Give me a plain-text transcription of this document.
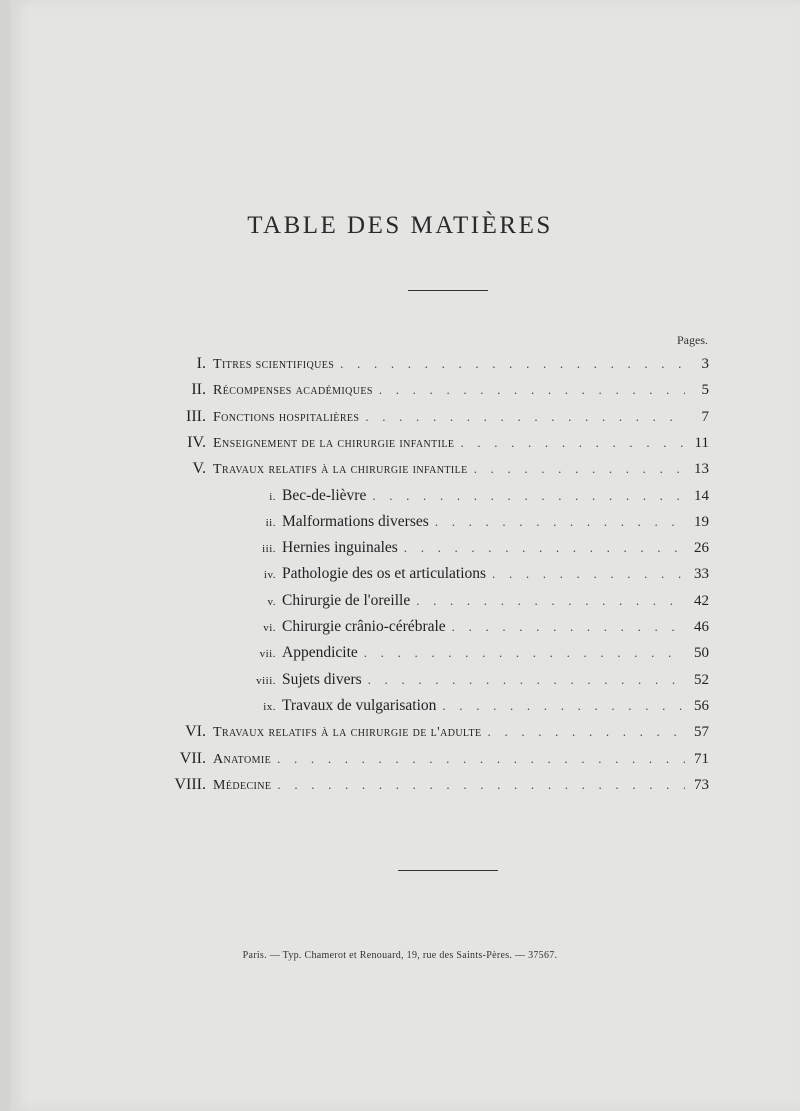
TABLE DES MATIÈRES
Pages.
I. Titres scientifiques . . .	3
II. Récompenses académiques . . .	5
III. Fonctions hospitalières . . .	7
IV. Enseignement de la chirurgie infantile . . .	11
V. Travaux relatifs à la chirurgie infantile . . .	13
i. Bec-de-lièvre . . .	14
ii. Malformations diverses . . .	19
iii. Hernies inguinales . . .	26
iv. Pathologie des os et articulations . . .	33
v. Chirurgie de l'oreille . . .	42
vi. Chirurgie crânio-cérébrale . . .	46
vii. Appendicite . . .	50
viii. Sujets divers . . .	52
ix. Travaux de vulgarisation . . .	56
VI. Travaux relatifs à la chirurgie de l'adulte . . .	57
VII. Anatomie . . .	71
VIII. Médecine . . .	73
Paris. — Typ. Chamerot et Renouard, 19, rue des Saints-Pères. — 37567.
